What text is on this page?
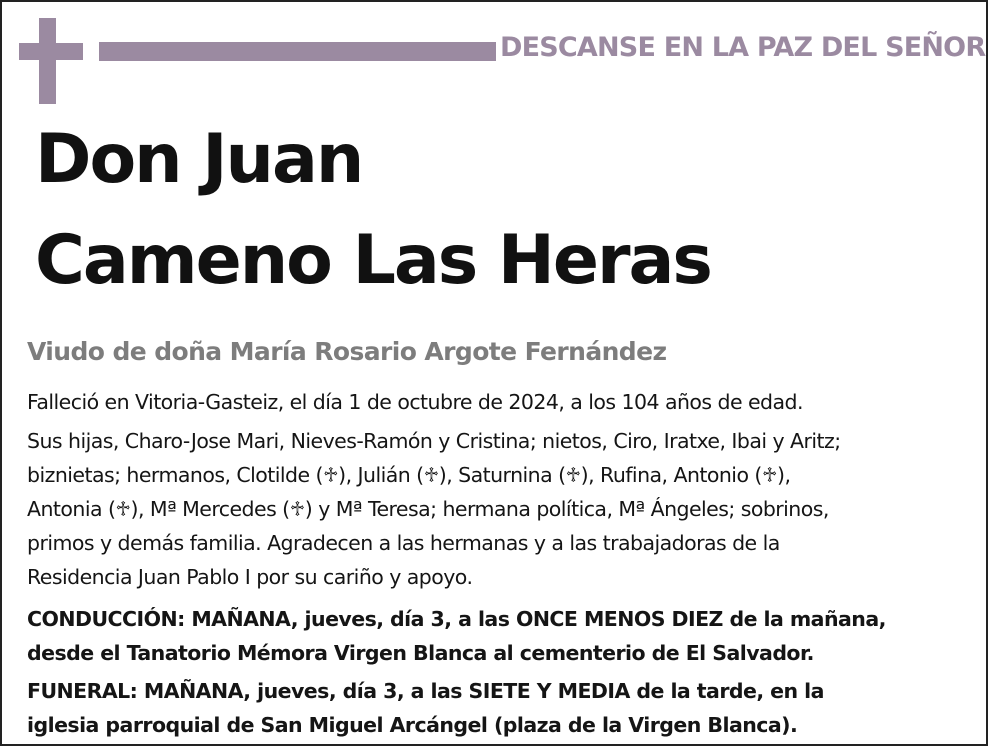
DESCANSE EN LA PAZ DEL SEÑOR
Don Juan
Cameno Las Heras
Viudo de doña María Rosario Argote Fernández
Falleció en Vitoria-Gasteiz, el día 1 de octubre de 2024, a los 104 años de edad.
Sus hijas, Charo-Jose Mari, Nieves-Ramón y Cristina; nietos, Ciro, Iratxe, Ibai y Aritz;
biznietas; hermanos, Clotilde (♱), Julián (♱), Saturnina (♱), Rufina, Antonio (♱),
Antonia (♱), Mª Mercedes (♱) y Mª Teresa; hermana política, Mª Ángeles; sobrinos,
primos y demás familia. Agradecen a las hermanas y a las trabajadoras de la
Residencia Juan Pablo I por su cariño y apoyo.
CONDUCCIÓN: MAÑANA, jueves, día 3, a las ONCE MENOS DIEZ de la mañana,
desde el Tanatorio Mémora Virgen Blanca al cementerio de El Salvador.
FUNERAL: MAÑANA, jueves, día 3, a las SIETE Y MEDIA de la tarde, en la
iglesia parroquial de San Miguel Arcángel (plaza de la Virgen Blanca).
